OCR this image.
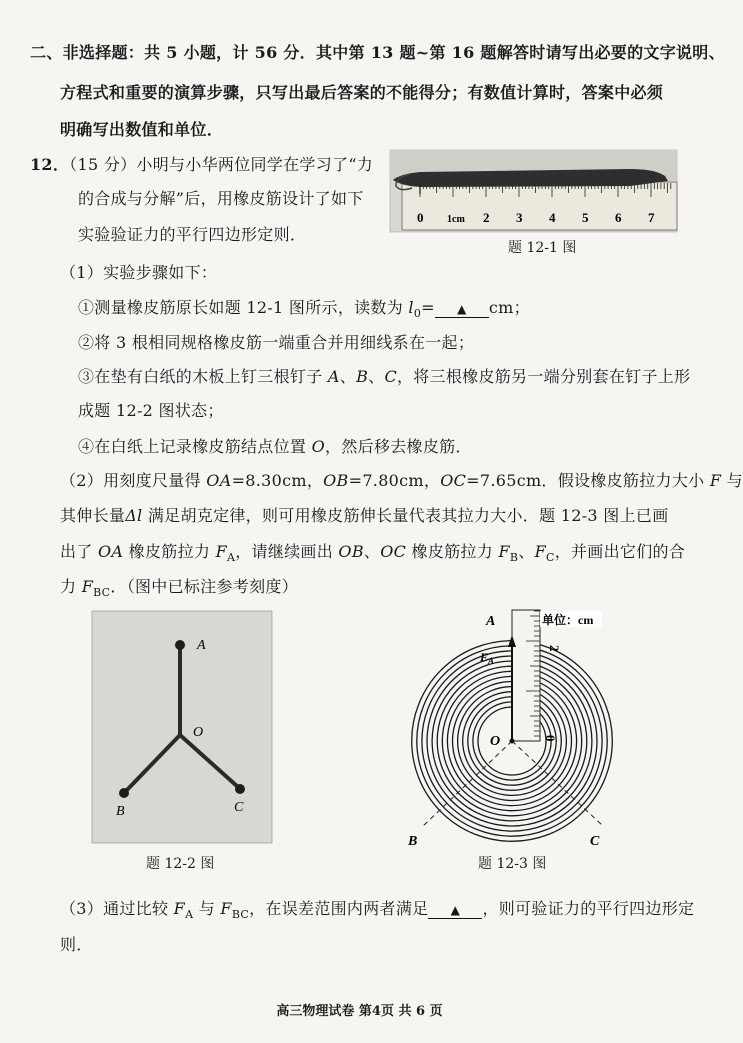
二、非选择题：共 5 小题，计 56 分．其中第 13 题~第 16 题解答时请写出必要的文字说明、
方程式和重要的演算步骤，只写出最后答案的不能得分；有数值计算时，答案中必须
明确写出数值和单位．
12．（15 分）小明与小华两位同学在学习了“力
的合成与分解”后，用橡皮筋设计了如下
实验验证力的平行四边形定则．
0 1cm 2 3 4 5 6 7
题 12-1 图
（1）实验步骤如下：
①测量橡皮筋原长如题 12-1 图所示，读数为 $l_0=$ ▲ cm；
②将 3 根相同规格橡皮筋一端重合并用细线系在一起；
③在垫有白纸的木板上钉三根钉子 A、B、C，将三根橡皮筋另一端分别套在钉子上形
成题 12-2 图状态；
④在白纸上记录橡皮筋结点位置 O，然后移去橡皮筋．
（2）用刻度尺量得 OA=8.30cm，OB=7.80cm，OC=7.65cm．假设橡皮筋拉力大小 F 与
其伸长量Δl 满足胡克定律，则可用橡皮筋伸长量代表其拉力大小．题 12-3 图上已画
出了 OA 橡皮筋拉力 $F_A$，请继续画出 OB、OC 橡皮筋拉力 $F_B$、$F_C$，并画出它们的合
力 $F_{BC}$．（图中已标注参考刻度）
A
O
B	C
题 12-2 图
A
O
B	C
$F_A$
单位：cm
2
0
题 12-3 图
（3）通过比较 $F_A$ 与 $F_{BC}$，在误差范围内两者满足 ▲ ，则可验证力的平行四边形定
则．
高三物理试卷 第4页 共 6 页
